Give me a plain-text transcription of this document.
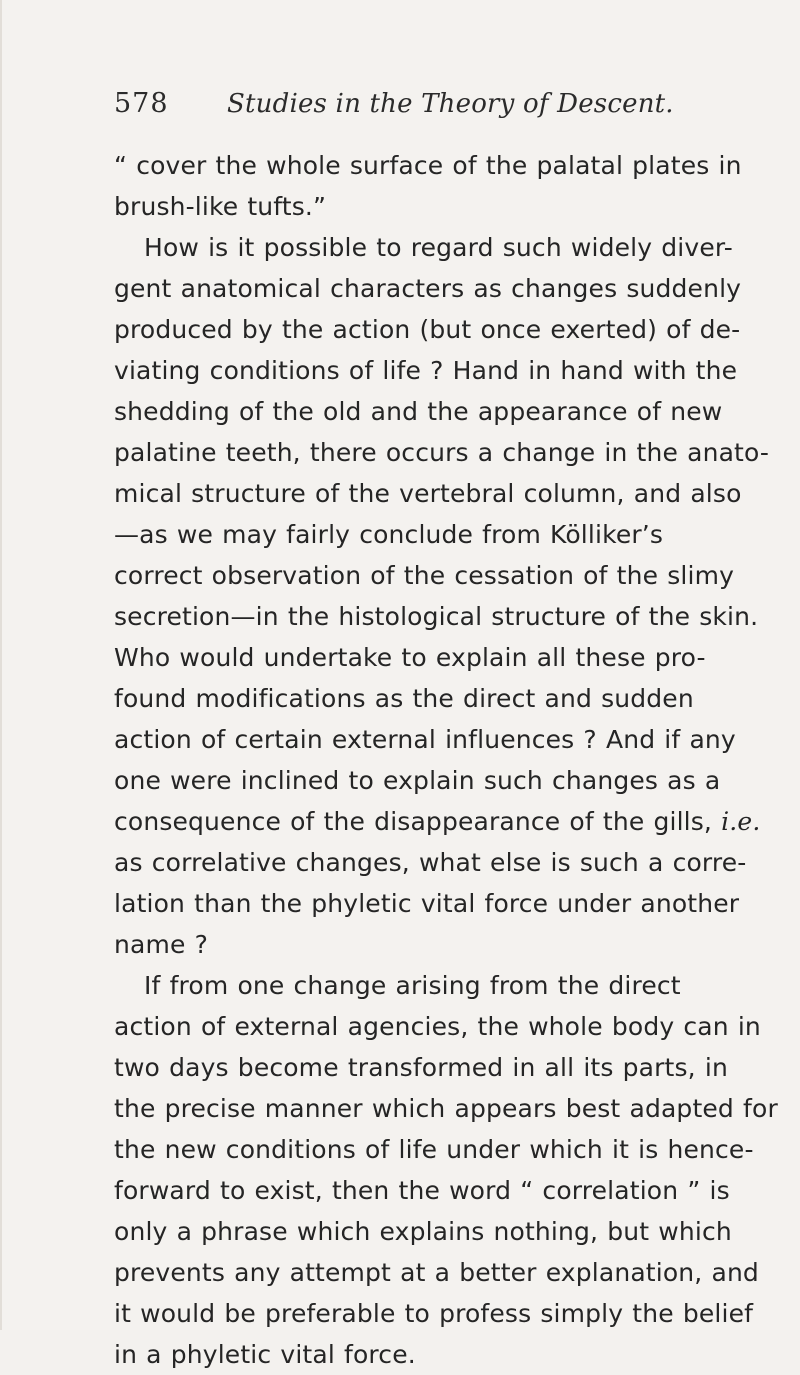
578 Studies in the Theory of Descent.
“ cover the whole surface of the palatal plates in
brush-like tufts.”
How is it possible to regard such widely diver-
gent anatomical characters as changes suddenly
produced by the action (but once exerted) of de-
viating conditions of life ? Hand in hand with the
shedding of the old and the appearance of new
palatine teeth, there occurs a change in the anato-
mical structure of the vertebral column, and also
—as we may fairly conclude from Kölliker’s
correct observation of the cessation of the slimy
secretion—in the histological structure of the skin.
Who would undertake to explain all these pro-
found modifications as the direct and sudden
action of certain external influences ? And if any
one were inclined to explain such changes as a
consequence of the disappearance of the gills, i.e.
as correlative changes, what else is such a corre-
lation than the phyletic vital force under another
name ?
If from one change arising from the direct
action of external agencies, the whole body can in
two days become transformed in all its parts, in
the precise manner which appears best adapted for
the new conditions of life under which it is hence-
forward to exist, then the word “ correlation ” is
only a phrase which explains nothing, but which
prevents any attempt at a better explanation, and
it would be preferable to profess simply the belief
in a phyletic vital force.
